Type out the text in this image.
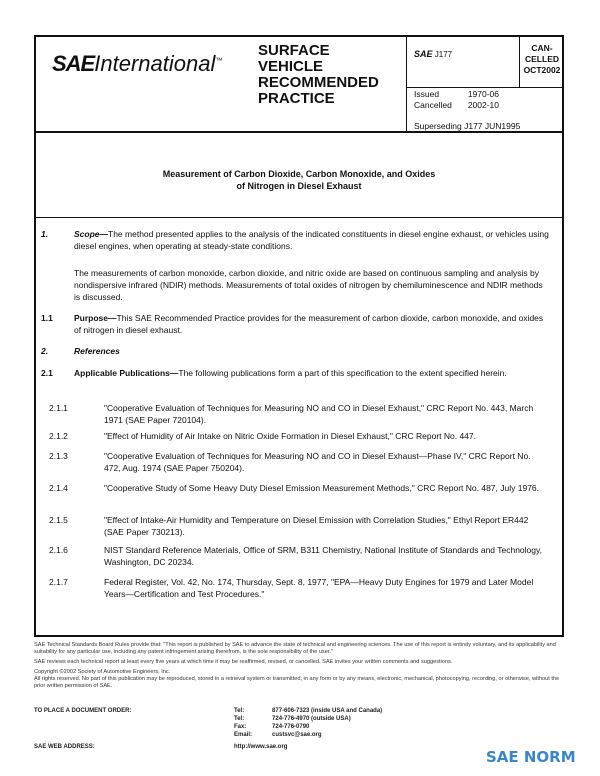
SAEInternational™
SURFACE
VEHICLE
RECOMMENDED
PRACTICE
SAE J177
CAN-
CELLED
OCT2002
Issued	1970-06
Cancelled	2002-10
Superseding J177 JUN1995
Measurement of Carbon Dioxide, Carbon Monoxide, and Oxides
of Nitrogen in Diesel Exhaust
1.	Scope—The method presented applies to the analysis of the indicated constituents in diesel engine exhaust, or vehicles using diesel engines, when operating at steady-state conditions.
The measurements of carbon monoxide, carbon dioxide, and nitric oxide are based on continuous sampling and analysis by nondispersive infrared (NDIR) methods. Measurements of total oxides of nitrogen by chemiluminescence and NDIR methods is discussed.
1.1 Purpose—This SAE Recommended Practice provides for the measurement of carbon dioxide, carbon monoxide, and oxides of nitrogen in diesel exhaust.
2.	References
2.1 Applicable Publications—The following publications form a part of this specification to the extent specified herein.
2.1.1	"Cooperative Evaluation of Techniques for Measuring NO and CO in Diesel Exhaust," CRC Report No. 443, March 1971 (SAE Paper 720104).
2.1.2	"Effect of Humidity of Air Intake on Nitric Oxide Formation in Diesel Exhaust," CRC Report No. 447.
2.1.3	"Cooperative Evaluation of Techniques for Measuring NO and CO in Diesel Exhaust—Phase IV," CRC Report No. 472, Aug. 1974 (SAE Paper 750204).
2.1.4	"Cooperative Study of Some Heavy Duty Diesel Emission Measurement Methods," CRC Report No. 487, July 1976.
2.1.5	"Effect of Intake-Air Humidity and Temperature on Diesel Emission with Correlation Studies," Ethyl Report ER442 (SAE Paper 730213).
2.1.6	NIST Standard Reference Materials, Office of SRM, B311 Chemistry, National Institute of Standards and Technology, Washington, DC 20234.
2.1.7	Federal Register, Vol. 42, No. 174, Thursday, Sept. 8, 1977, "EPA—Heavy Duty Engines for 1979 and Later Model Years—Certification and Test Procedures."

SAE Technical Standards Board Rules provide that: "This report is published by SAE to advance the state of technical and engineering sciences. The use of this report is entirely voluntary, and its applicability and suitability for any particular use, including any patent infringement arising therefrom, is the sole responsibility of the user."

SAE reviews each technical report at least every five years at which time it may be reaffirmed, revised, or cancelled. SAE invites your written comments and suggestions.

Copyright ©2002 Society of Automotive Engineers, Inc.
All rights reserved. No part of this publication may be reproduced, stored in a retrieval system or transmitted, in any form or by any means, electronic, mechanical, photocopying, recording, or otherwise, without the prior written permission of SAE.
TO PLACE A DOCUMENT ORDER:	Tel:	877-606-7323 (inside USA and Canada)
Tel:	724-776-4970 (outside USA)
Fax:	724-776-0790
Email:	custsvc@sae.org
SAE WEB ADDRESS:	http://www.sae.org
SAE NORM
